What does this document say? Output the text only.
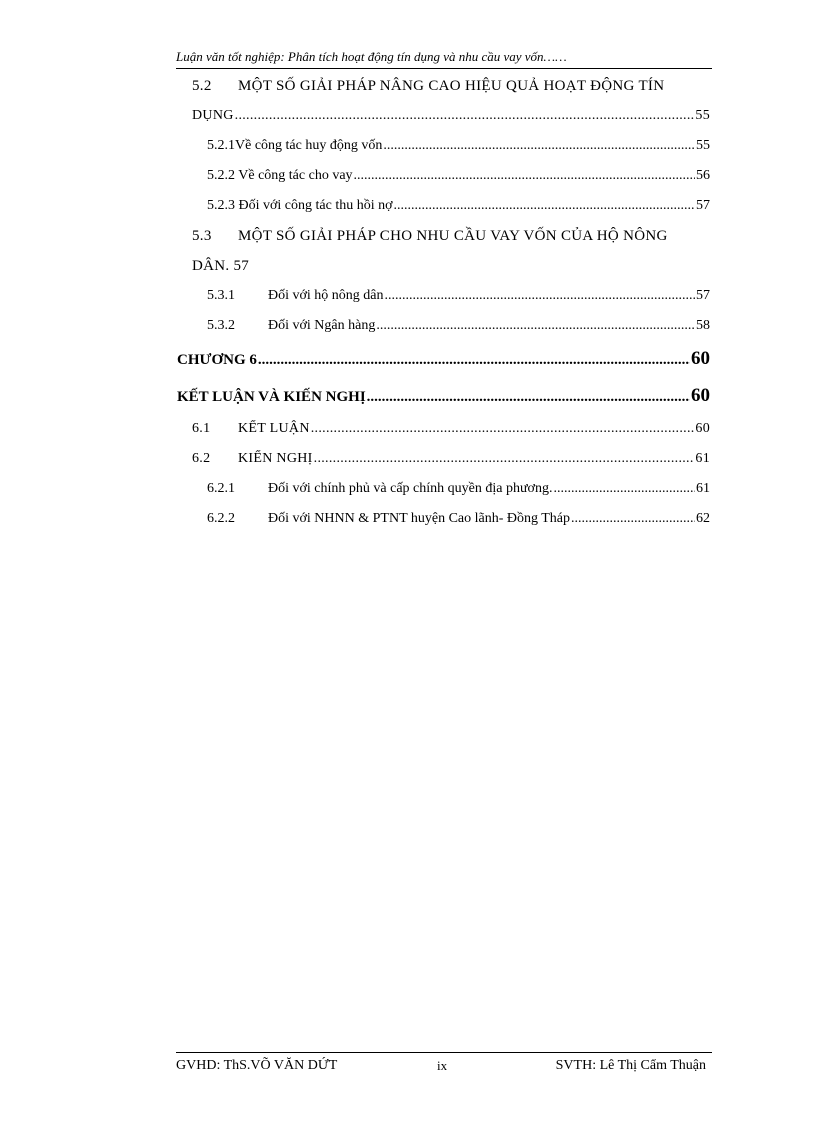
Luận văn tốt nghiệp: Phân tích hoạt động tín dụng và nhu cầu vay vốn……
5.2 MỘT SỐ GIẢI PHÁP NÂNG CAO HIỆU QUẢ HOẠT ĐỘNG TÍN
DỤNG .....	55
5.2.1Về công tác huy động vốn .....	55
5.2.2 Về công tác cho vay .....	56
5.2.3 Đối với công tác thu hồi nợ .....	57
5.3 MỘT SỐ GIẢI PHÁP CHO NHU CẦU VAY VỐN CỦA HỘ NÔNG
DÂN. 57
5.3.1	Đối với hộ nông dân .....	57
5.3.2	Đối với Ngân hàng .....	58
CHƯƠNG 6 .....	60
KẾT LUẬN VÀ KIẾN NGHỊ .....	60
6.1	KẾT LUẬN .....	60
6.2	KIẾN NGHỊ .....	61
6.2.1	Đối với chính phủ và cấp chính quyền địa phương. .....	61
6.2.2	Đối với NHNN & PTNT huyện Cao lãnh- Đồng Tháp .....	62
GVHD: ThS.VÕ VĂN DỨT	ix	SVTH: Lê Thị Cẩm Thuận
